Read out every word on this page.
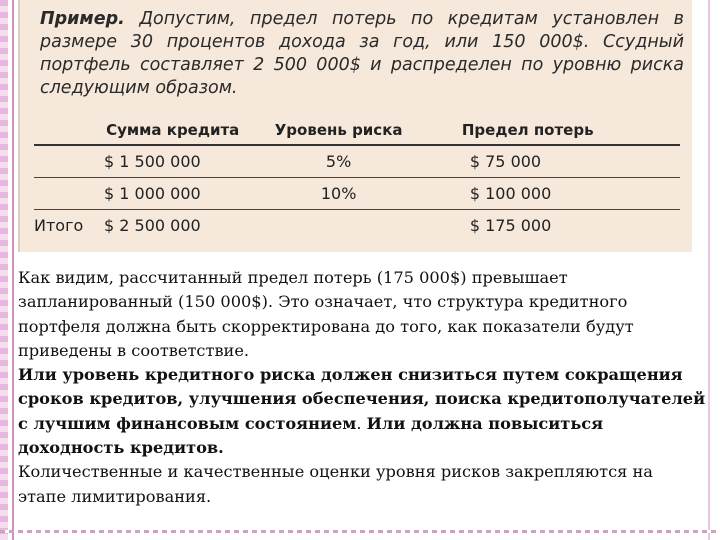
Пример. Допустим, предел потерь по кредитам установлен в размере 30 процентов дохода за год, или 150 000$. Ссудный портфель составляет 2 500 000$ и распределен по уровню риска следующим образом.
	Сумма кредита	Уровень риска	Предел потерь
	$ 1 500 000	5%	$ 75 000
	$ 1 000 000	10%	$ 100 000
Итого	$ 2 500 000		$ 175 000

Как видим, рассчитанный предел потерь (175 000$) превышает запланированный (150 000$). Это означает, что структура кредитного портфеля должна быть скорректирована до того, как показатели будут приведены в соответствие.

Или уровень кредитного риска должен снизиться путем сокращения сроков кредитов, улучшения обеспечения, поиска кредитополучателей с лучшим финансовым состоянием. Или должна повыситься доходность кредитов.

Количественные и качественные оценки уровня рисков закрепляются на этапе лимитирования.
